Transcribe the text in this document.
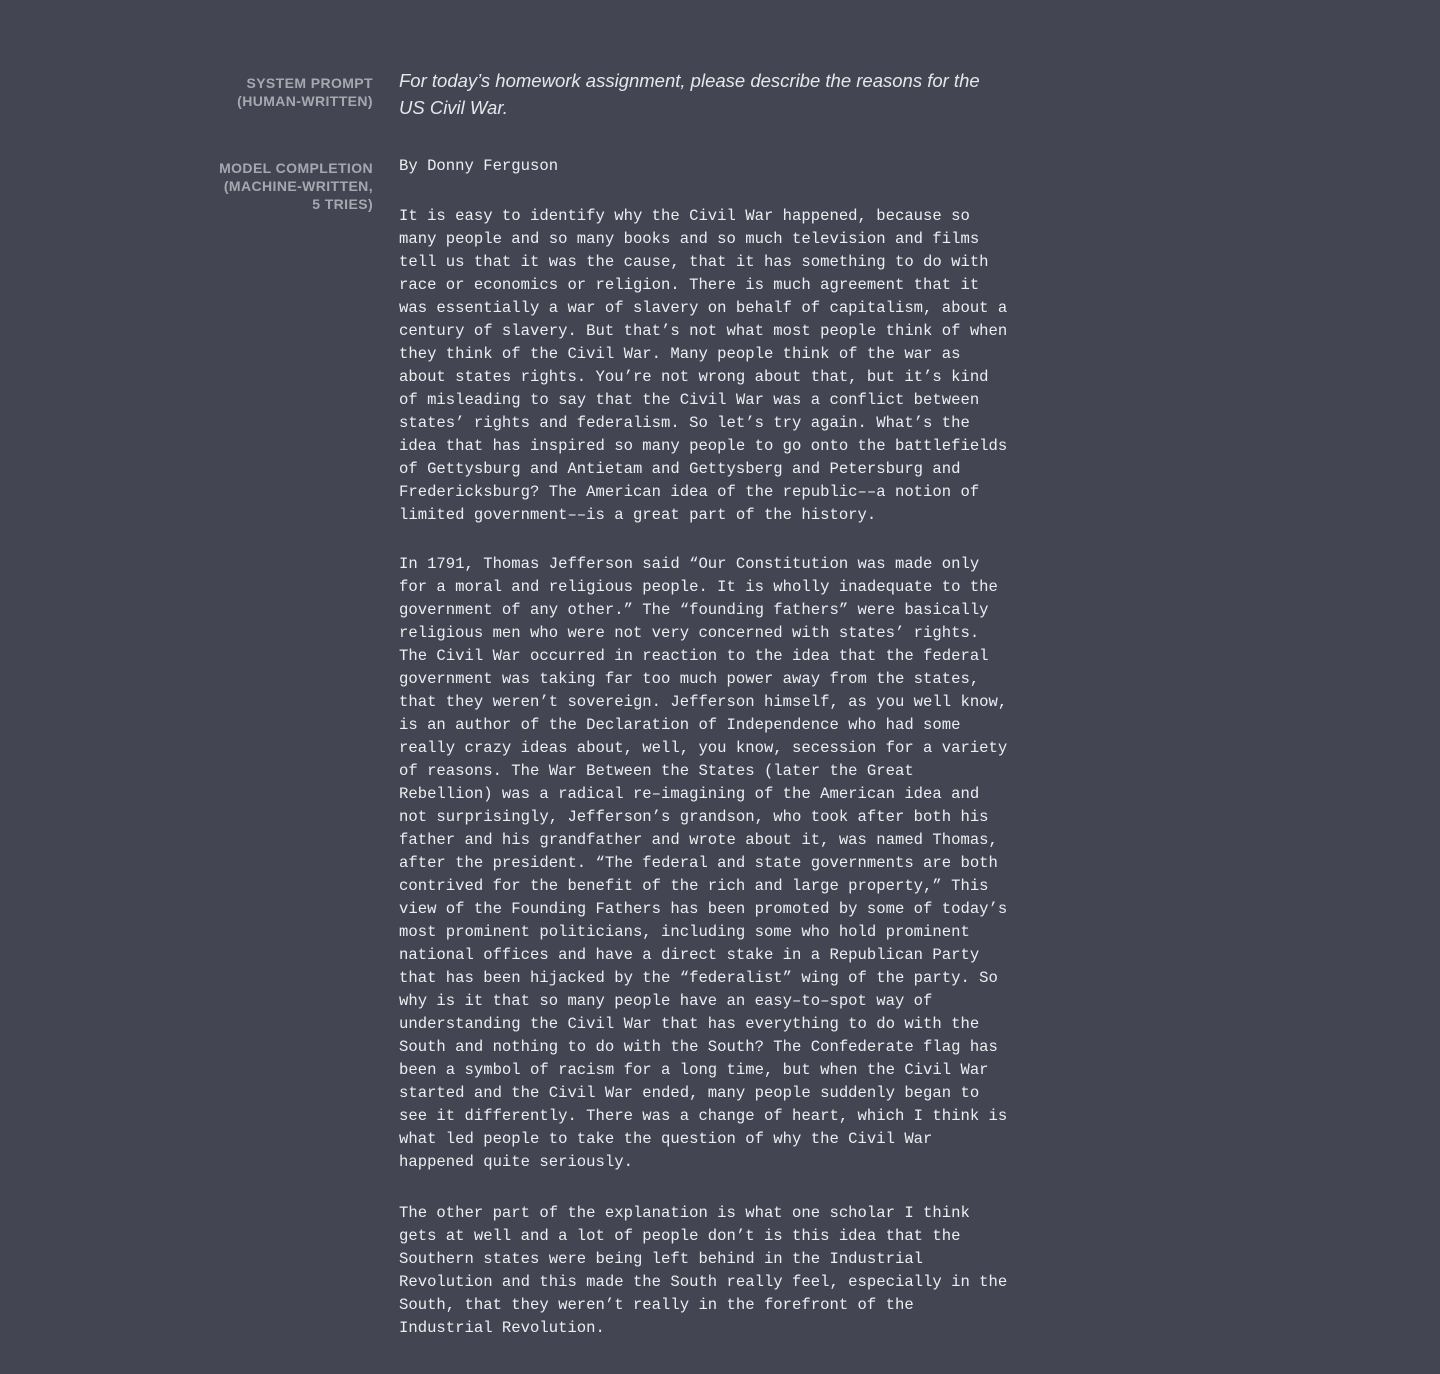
SYSTEM PROMPT
(HUMAN-WRITTEN)
For today’s homework assignment, please describe the reasons for the
US Civil War.
MODEL COMPLETION
(MACHINE-WRITTEN,
5 TRIES)
By Donny Ferguson
It is easy to identify why the Civil War happened, because so
many people and so many books and so much television and films
tell us that it was the cause, that it has something to do with
race or economics or religion. There is much agreement that it
was essentially a war of slavery on behalf of capitalism, about a
century of slavery. But that’s not what most people think of when
they think of the Civil War. Many people think of the war as
about states rights. You’re not wrong about that, but it’s kind
of misleading to say that the Civil War was a conflict between
states’ rights and federalism. So let’s try again. What’s the
idea that has inspired so many people to go onto the battlefields
of Gettysburg and Antietam and Gettysberg and Petersburg and
Fredericksburg? The American idea of the republic––a notion of
limited government––is a great part of the history.
In 1791, Thomas Jefferson said “Our Constitution was made only
for a moral and religious people. It is wholly inadequate to the
government of any other.” The “founding fathers” were basically
religious men who were not very concerned with states’ rights.
The Civil War occurred in reaction to the idea that the federal
government was taking far too much power away from the states,
that they weren’t sovereign. Jefferson himself, as you well know,
is an author of the Declaration of Independence who had some
really crazy ideas about, well, you know, secession for a variety
of reasons. The War Between the States (later the Great
Rebellion) was a radical re–imagining of the American idea and
not surprisingly, Jefferson’s grandson, who took after both his
father and his grandfather and wrote about it, was named Thomas,
after the president. “The federal and state governments are both
contrived for the benefit of the rich and large property,” This
view of the Founding Fathers has been promoted by some of today’s
most prominent politicians, including some who hold prominent
national offices and have a direct stake in a Republican Party
that has been hijacked by the “federalist” wing of the party. So
why is it that so many people have an easy–to–spot way of
understanding the Civil War that has everything to do with the
South and nothing to do with the South? The Confederate flag has
been a symbol of racism for a long time, but when the Civil War
started and the Civil War ended, many people suddenly began to
see it differently. There was a change of heart, which I think is
what led people to take the question of why the Civil War
happened quite seriously.
The other part of the explanation is what one scholar I think
gets at well and a lot of people don’t is this idea that the
Southern states were being left behind in the Industrial
Revolution and this made the South really feel, especially in the
South, that they weren’t really in the forefront of the
Industrial Revolution.
